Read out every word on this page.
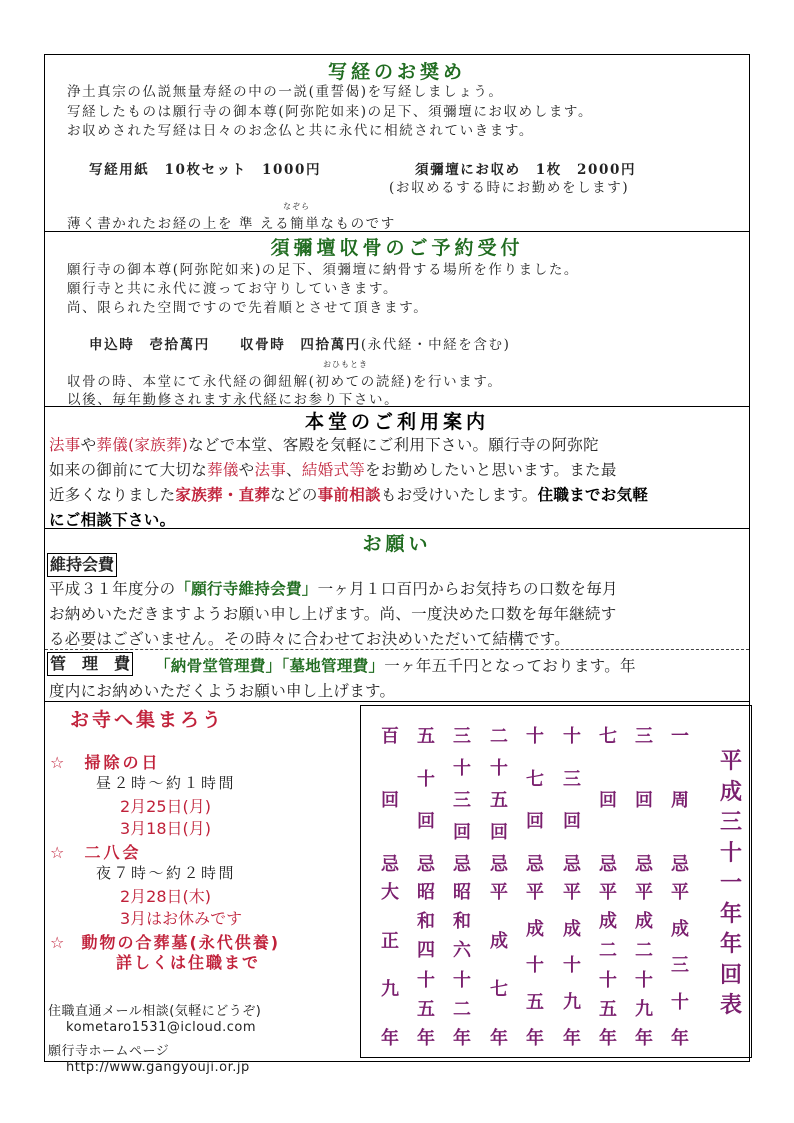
写経のお奨め
浄土真宗の仏説無量寿経の中の一説(重誓偈)を写経しましょう。
写経したものは願行寺の御本尊(阿弥陀如来)の足下、須彌壇にお収めします。
お収めされた写経は日々のお念仏と共に永代に相続されていきます。
写経用紙　10枚セット　1000円	須彌壇にお収め　1枚　2000円
(お収めるする時にお勤めをします)
なぞら
薄く書かれたお経の上を 準 える簡単なものです
須彌壇収骨のご予約受付
願行寺の御本尊(阿弥陀如来)の足下、須彌壇に納骨する場所を作りました。
願行寺と共に永代に渡ってお守りしていきます。
尚、限られた空間ですので先着順とさせて頂きます。
申込時　壱拾萬円　　収骨時　四拾萬円(永代経・中経を含む)
おひもとき
収骨の時、本堂にて永代経の御紐解(初めての読経)を行います。
以後、毎年勤修されます永代経にお参り下さい。
本堂のご利用案内
法事や葬儀(家族葬)などで本堂、客殿を気軽にご利用下さい。願行寺の阿弥陀
如来の御前にて大切な葬儀や法事、結婚式等をお勤めしたいと思います。また最
近多くなりました家族葬・直葬などの事前相談もお受けいたします。住職までお気軽
にご相談下さい。
お願い
維持会費
平成３１年度分の「願行寺維持会費」一ヶ月１口百円からお気持ちの口数を毎月
お納めいただきますようお願い申し上げます。尚、一度決めた口数を毎年継続す
る必要はございません。その時々に合わせてお決めいただいて結構です。
管　理　費 「納骨堂管理費」「墓地管理費」一ヶ年五千円となっております。年
度内にお納めいただくようお願い申し上げます。
お寺へ集まろう
☆ 掃除の日
昼２時～約１時間
2月25日(月)
3月18日(月)
☆ 二八会
夜７時～約２時間
2月28日(木)
3月はお休みです
☆ 動物の合葬墓(永代供養)
詳しくは住職まで
住職直通メール相談(気軽にどうぞ)
kometaro1531@icloud.com
願行寺ホームページ
http://www.gangyouji.or.jp
百
回
忌
大
正
九
年
五
十
回
忌
昭
和
四
十
五
年
三
十
三
回
忌
昭
和
六
十
二
年
二
十
五
回
忌
平
成
七
年
十
七
回
忌
平
成
十
五
年
十
三
回
忌
平
成
十
九
年
七
回
忌
平
成
二
十
五
年
三
回
忌
平
成
二
十
九
年
一
周
忌
平
成
三
十
年
平
成
三
十
一
年
年
回
表
